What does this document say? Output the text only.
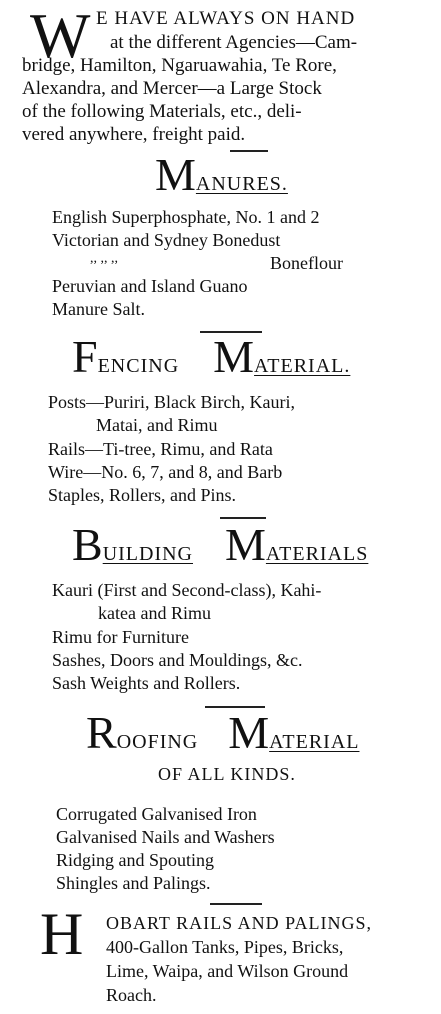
W E HAVE ALWAYS ON HAND
at the different Agencies—Cam-
bridge, Hamilton, Ngaruawahia, Te Rore,
Alexandra, and Mercer—a Large Stock
of the following Materials, etc., deli-
vered anywhere, freight paid.
MANURES.
English Superphosphate, No. 1 and 2
Victorian and Sydney Bonedust
,, ,, ,,	Boneflour
Peruvian and Island Guano
Manure Salt.
FENCING MATERIAL.
Posts—Puriri, Black Birch, Kauri,
Matai, and Rimu
Rails—Ti-tree, Rimu, and Rata
Wire—No. 6, 7, and 8, and Barb
Staples, Rollers, and Pins.
BUILDING MATERIALS
Kauri (First and Second-class), Kahi-
katea and Rimu
Rimu for Furniture
Sashes, Doors and Mouldings, &c.
Sash Weights and Rollers.
ROOFING MATERIAL
OF ALL KINDS.
Corrugated Galvanised Iron
Galvanised Nails and Washers
Ridging and Spouting
Shingles and Palings.
H OBART RAILS AND PALINGS,
400-Gallon Tanks, Pipes, Bricks,
Lime, Waipa, and Wilson Ground
Roach.
